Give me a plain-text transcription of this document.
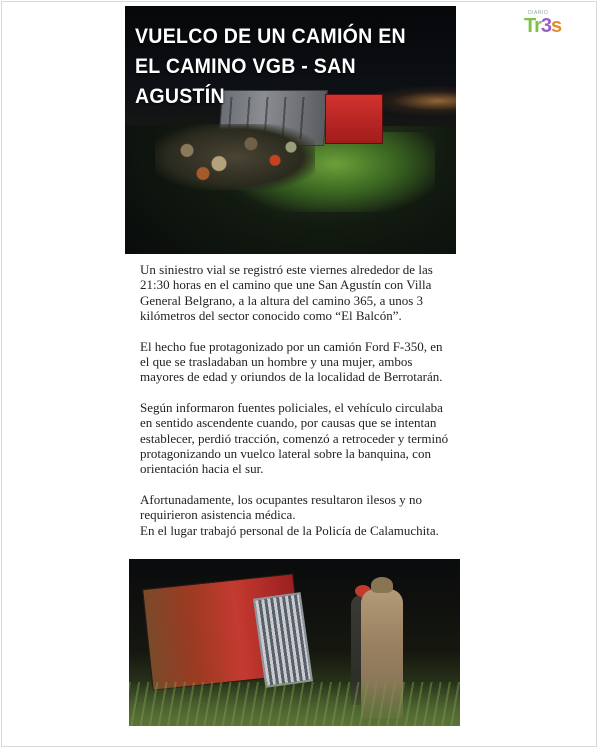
DIARIO
Tr3s
VUELCO DE UN CAMIÓN EN EL CAMINO VGB - SAN AGUSTÍN

Un siniestro vial se registró este viernes alrededor de las 21:30 horas en el camino que une San Agustín con Villa General Belgrano, a la altura del camino 365, a unos 3 kilómetros del sector conocido como “El Balcón”.

El hecho fue protagonizado por un camión Ford F-350, en el que se trasladaban un hombre y una mujer, ambos mayores de edad y oriundos de la localidad de Berrotarán.

Según informaron fuentes policiales, el vehículo circulaba en sentido ascendente cuando, por causas que se intentan establecer, perdió tracción, comenzó a retroceder y terminó protagonizando un vuelco lateral sobre la banquina, con orientación hacia el sur.

Afortunadamente, los ocupantes resultaron ilesos y no requirieron asistencia médica.

En el lugar trabajó personal de la Policía de Calamuchita.
